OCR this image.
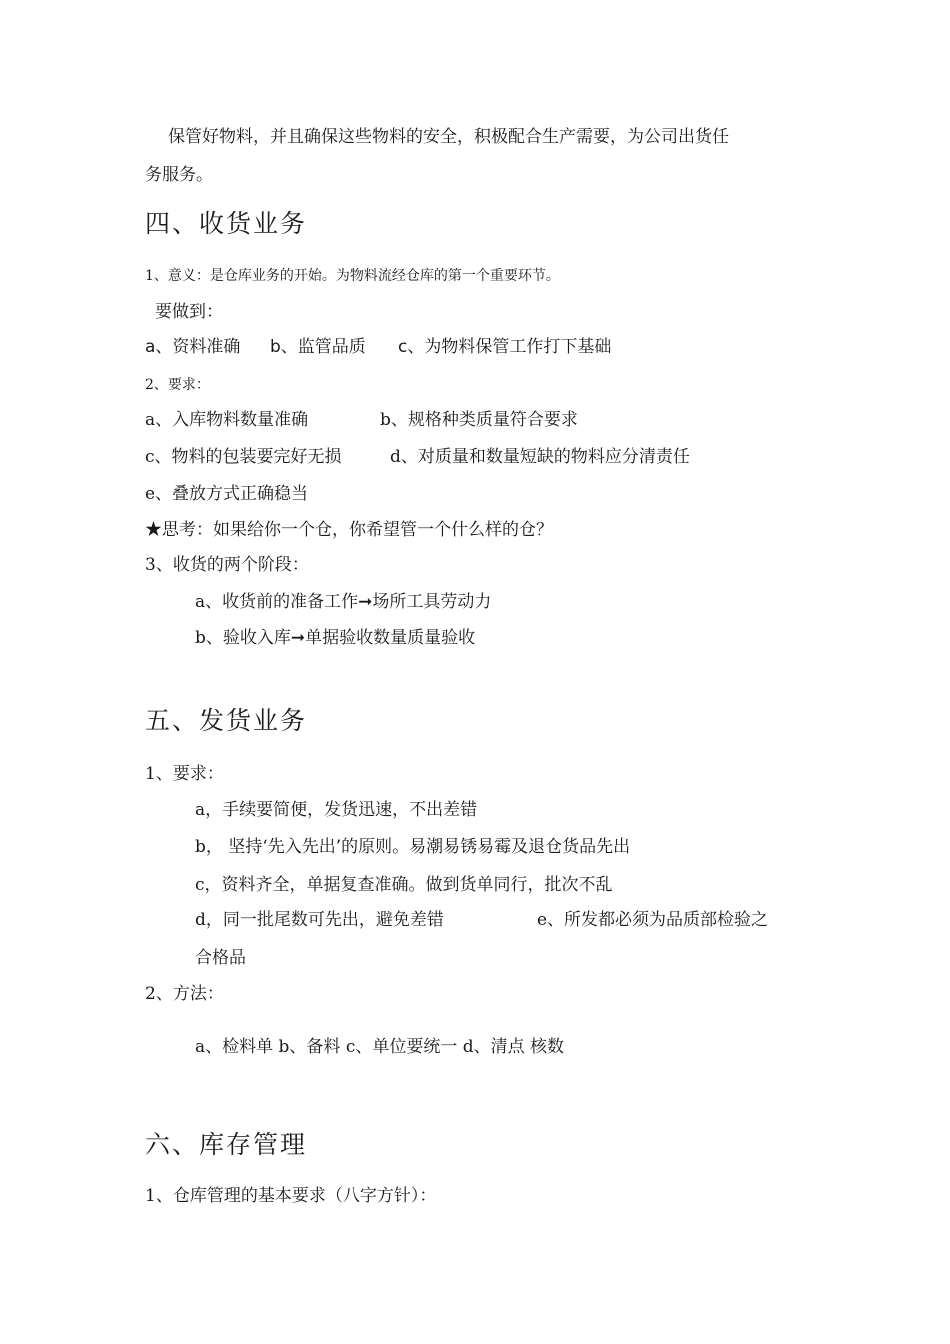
保管好物料，并且确保这些物料的安全，积极配合生产需要，为公司出货任
务服务。
四、收货业务
1、意义：是仓库业务的开始。为物料流经仓库的第一个重要环节。
要做到：
a、资料准确 b、监管品质 c、为物料保管工作打下基础
2、要求：
a、入库物料数量准确	b、规格种类质量符合要求
c、物料的包装要完好无损	d、对质量和数量短缺的物料应分清责任
e、叠放方式正确稳当
★思考：如果给你一个仓，你希望管一个什么样的仓？
3、收货的两个阶段：
a、收货前的准备工作➞场所工具劳动力
b、验收入库➞单据验收数量质量验收
五、发货业务
1、要求：
a，手续要简便，发货迅速，不出差错
b， 坚持‘先入先出’的原则。易潮易锈易霉及退仓货品先出
c，资料齐全，单据复查准确。做到货单同行，批次不乱
d，同一批尾数可先出，避免差错	e、所发都必须为品质部检验之
合格品
2、方法：
a、检料单 b、备料 c、单位要统一 d、清点 核数
六、库存管理
1、仓库管理的基本要求（八字方针）：
